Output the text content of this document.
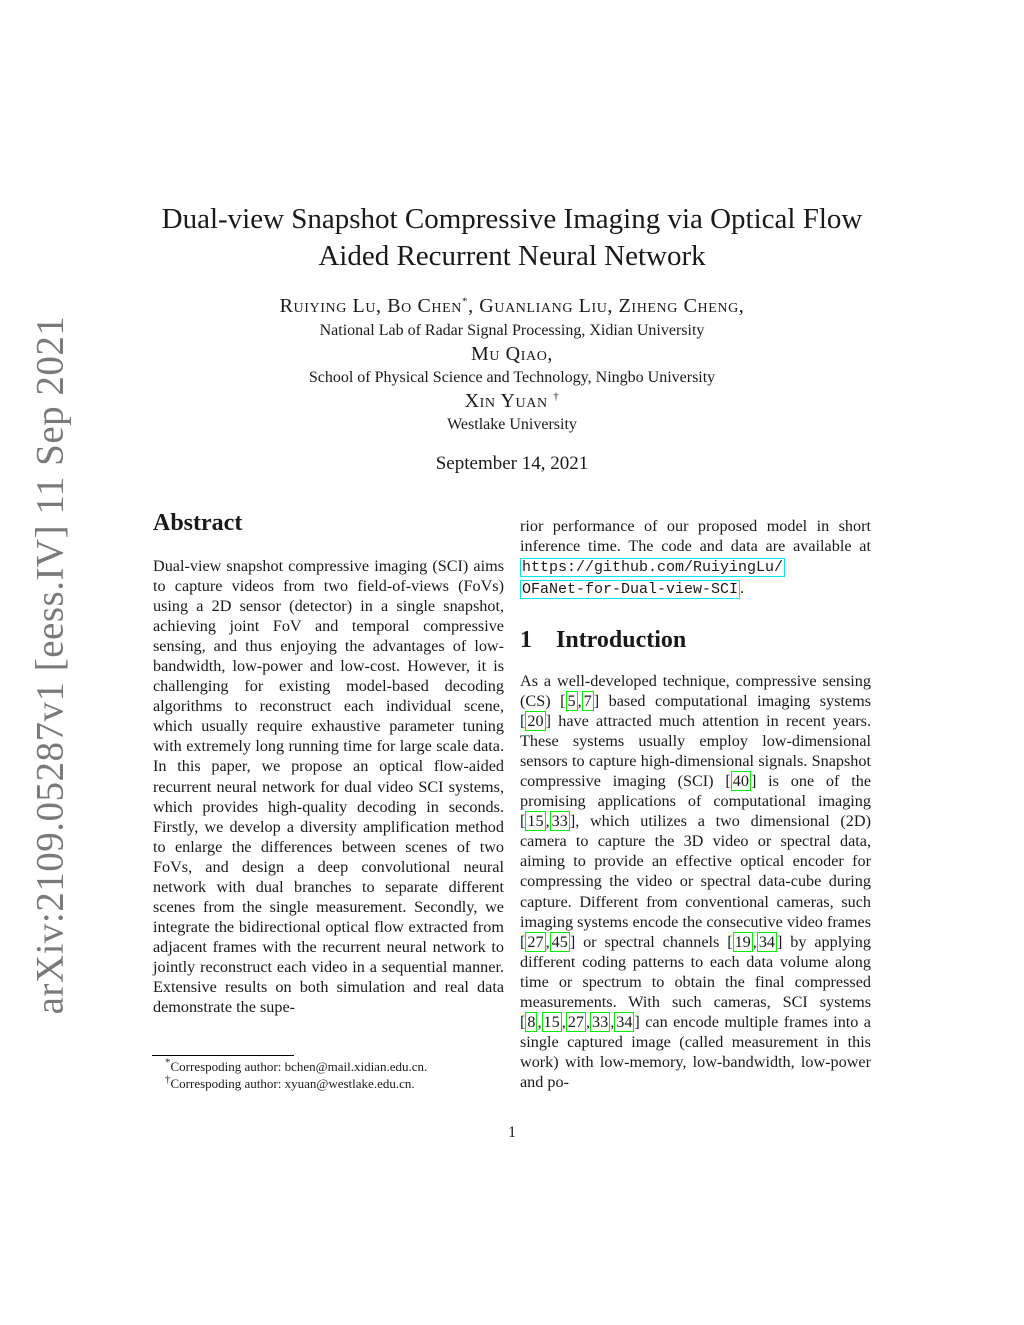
arXiv:2109.05287v1 [eess.IV] 11 Sep 2021
Dual-view Snapshot Compressive Imaging via Optical Flow
Aided Recurrent Neural Network
Ruiying Lu, Bo Chen*, Guanliang Liu, Ziheng Cheng,
National Lab of Radar Signal Processing, Xidian University
Mu Qiao,
School of Physical Science and Technology, Ningbo University
Xin Yuan †
Westlake University
September 14, 2021
Abstract

Dual-view snapshot compressive imaging (SCI) aims to capture videos from two field-of-views (FoVs) using a 2D sensor (detector) in a single snapshot, achieving joint FoV and temporal compressive sensing, and thus enjoying the advantages of low-bandwidth, low-power and low-cost. However, it is challenging for existing model-based decoding algorithms to reconstruct each individual scene, which usually require exhaustive parameter tuning with extremely long running time for large scale data. In this paper, we propose an optical flow-aided recurrent neural network for dual video SCI systems, which provides high-quality decoding in seconds. Firstly, we develop a diversity amplification method to enlarge the differences between scenes of two FoVs, and design a deep convolutional neural network with dual branches to separate different scenes from the single measurement. Secondly, we integrate the bidirectional optical flow extracted from adjacent frames with the recurrent neural network to jointly reconstruct each video in a sequential manner. Extensive results on both simulation and real data demonstrate the supe-

*Correspoding author: bchen@mail.xidian.edu.cn.
†Correspoding author: xyuan@westlake.edu.cn.
rior performance of our proposed model in short inference time. The code and data are available at https://github.com/RuiyingLu/
OFaNet-for-Dual-view-SCI .
1 Introduction

As a well-developed technique, compressive sensing (CS) [ 5 , 7 ] based computational imaging systems [ 20 ] have attracted much attention in recent years. These systems usually employ low-dimensional sensors to capture high-dimensional signals. Snapshot compressive imaging (SCI) [ 40 ] is one of the promising applications of computational imaging [ 15 , 33 ], which utilizes a two dimensional (2D) camera to capture the 3D video or spectral data, aiming to provide an effective optical encoder for compressing the video or spectral data-cube during capture. Different from conventional cameras, such imaging systems encode the consecutive video frames [ 27 , 45 ] or spectral channels [ 19 , 34 ] by applying different coding patterns to each data volume along time or spectrum to obtain the final compressed measurements. With such cameras, SCI systems [ 8 , 15 , 27 , 33 , 34 ] can encode multiple frames into a single captured image (called measurement in this work) with low-memory, low-bandwidth, low-power and po-

1
